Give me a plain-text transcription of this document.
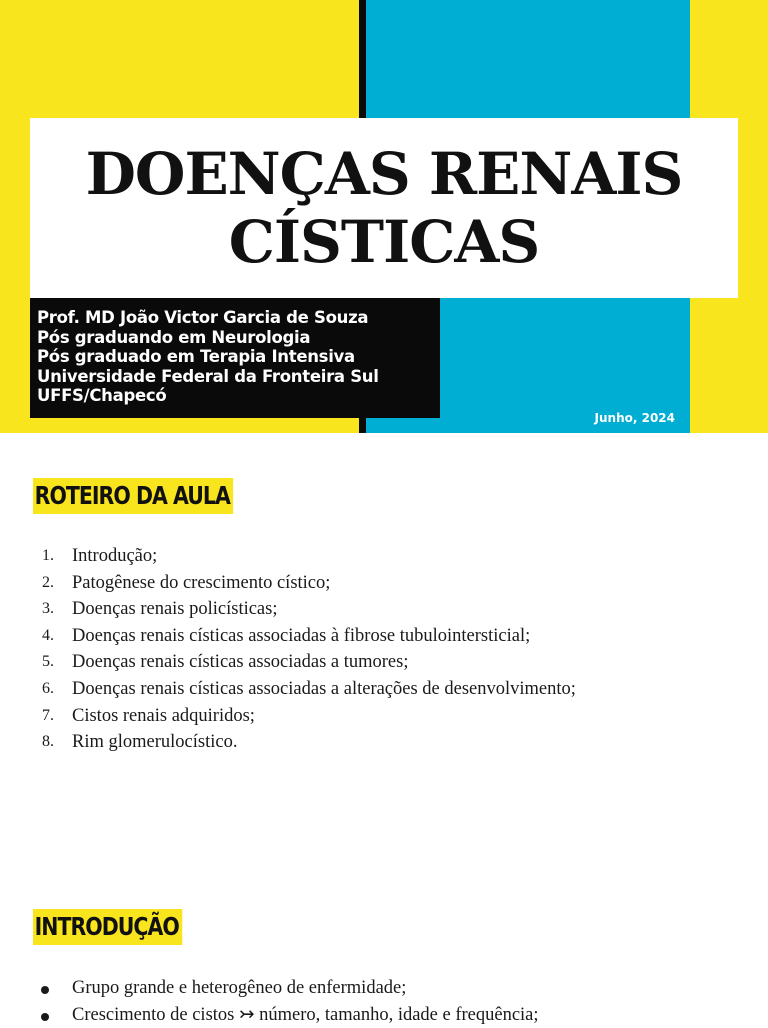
DOENÇAS RENAIS
CÍSTICAS
Prof. MD João Victor Garcia de Souza
Pós graduando em Neurologia
Pós graduado em Terapia Intensiva
Universidade Federal da Fronteira Sul
UFFS/Chapecó
Junho, 2024
ROTEIRO DA AULA
1. Introdução;
2. Patogênese do crescimento cístico;
3. Doenças renais policísticas;
4. Doenças renais císticas associadas à fibrose tubulointersticial;
5. Doenças renais císticas associadas a tumores;
6. Doenças renais císticas associadas a alterações de desenvolvimento;
7. Cistos renais adquiridos;
8. Rim glomerulocístico.
INTRODUÇÃO
Grupo grande e heterogêneo de enfermidade;
Crescimento de cistos ↣ número, tamanho, idade e frequência;
